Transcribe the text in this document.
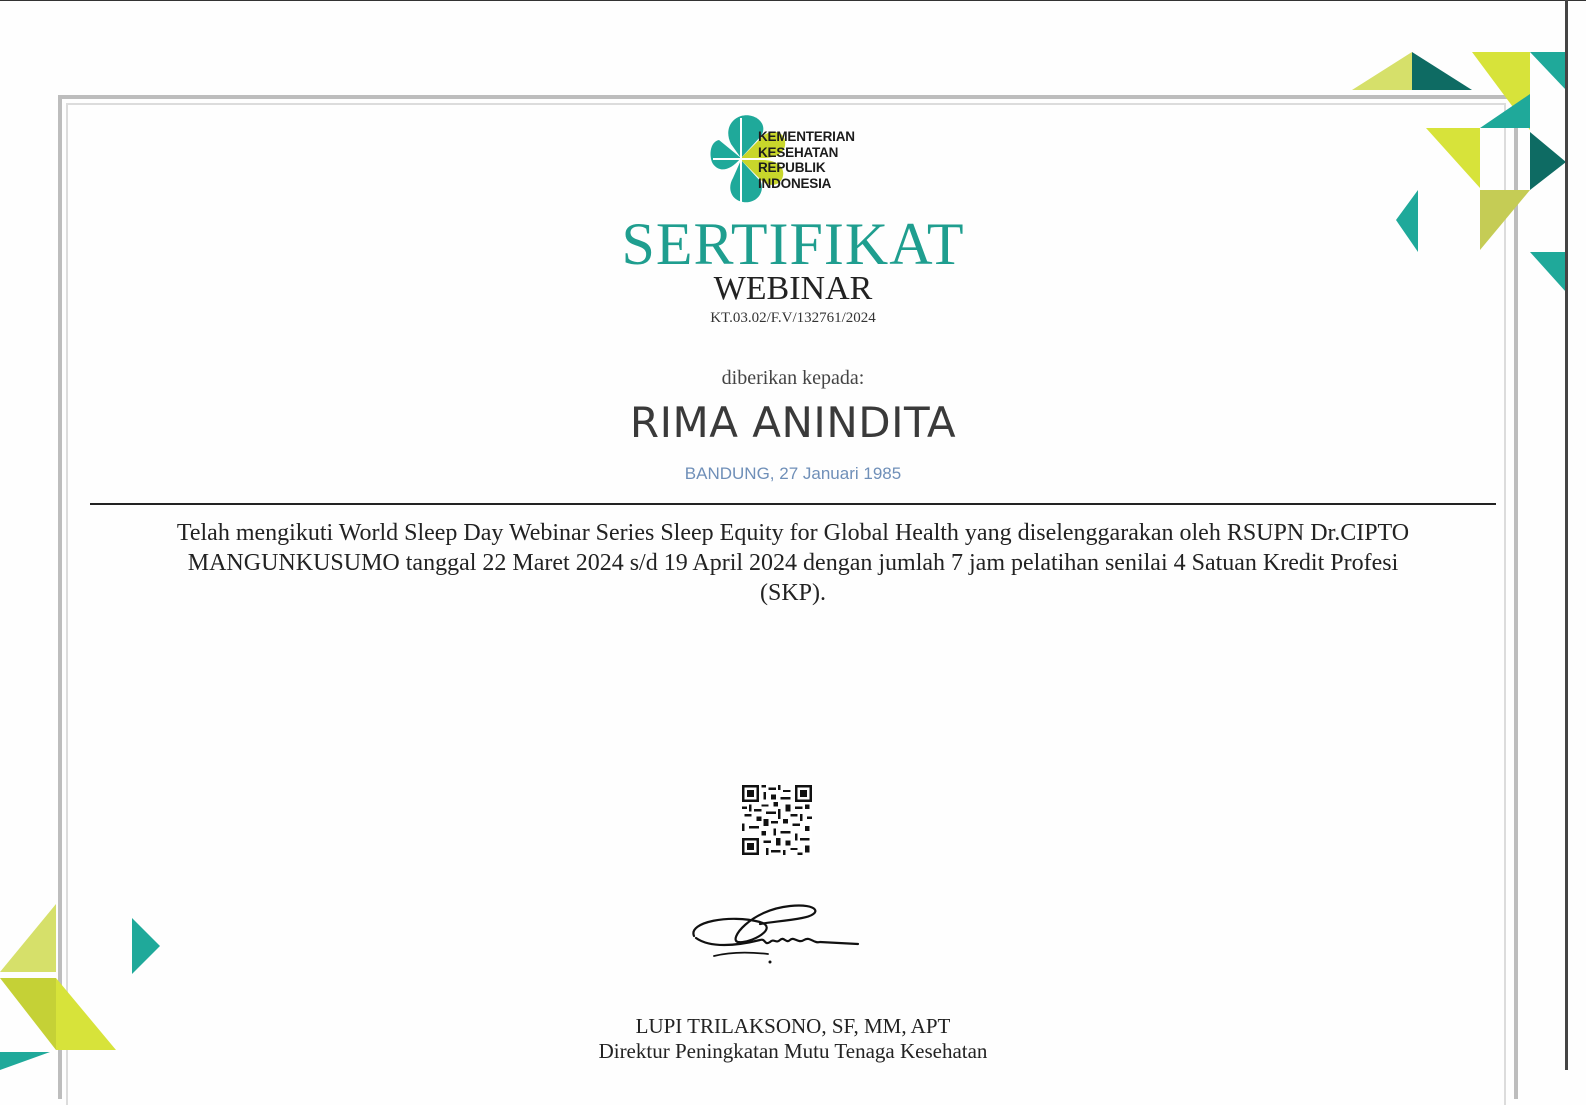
KEMENTERIAN
KESEHATAN
REPUBLIK
INDONESIA
SERTIFIKAT
WEBINAR
KT.03.02/F.V/132761/2024
diberikan kepada:
RIMA ANINDITA
BANDUNG, 27 Januari 1985
Telah mengikuti World Sleep Day Webinar Series Sleep Equity for Global Health yang diselenggarakan oleh RSUPN Dr.CIPTO MANGUNKUSUMO tanggal 22 Maret 2024 s/d 19 April 2024 dengan jumlah 7 jam pelatihan senilai 4 Satuan Kredit Profesi (SKP).
LUPI TRILAKSONO, SF, MM, APT
Direktur Peningkatan Mutu Tenaga Kesehatan
